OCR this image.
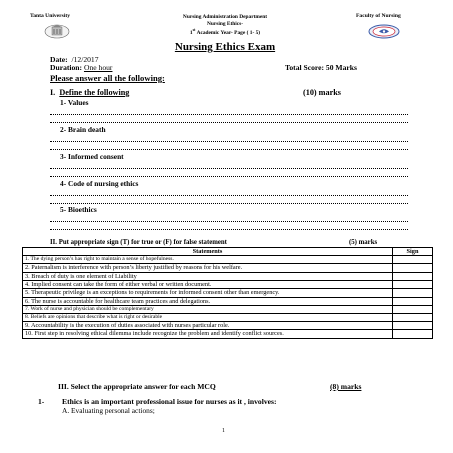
Tanta University	Faculty of Nursing
Nursing Administration Department
Nursing Ethics-
1st Academic Year- Page ( 1- 5)
Nursing Ethics Exam
Date: /12/2017
Duration: One hour	Total Score: 50 Marks
Please answer all the following:
I. Define the following	(10) marks
1- Values
2- Brain death
3- Informed consent
4- Code of nursing ethics
5- Bioethics
II. Put appropriate sign (T) for true or (F) for false statement	(5) marks
Statements	Sign
1. The dying person’s has right to maintain a sense of hopefulness.	
2. Paternalism is interference with person’s liberty justified by reasons for his welfare.	
3. Breach of duty is one element of Liability	
4. Implied consent can take the form of either verbal or written document.	
5. Therapeutic privilege is an exceptions to requirements for informed consent other than emergency.	
6. The nurse is accountable for healthcare team practices and delegations.	
7. Work of nurse and physician should be complementary	
8. Beliefs are opinions that describe what is right or desirable	
9. Accountability is the execution of duties associated with nurses particular role.	
10. First step in resolving ethical dilemma include recognize the problem and identify conflict sources.	
III. Select the appropriate answer for each MCQ	(8) marks
1- Ethics is an important professional issue for nurses as it , involves:
A. Evaluating personal actions;
1
